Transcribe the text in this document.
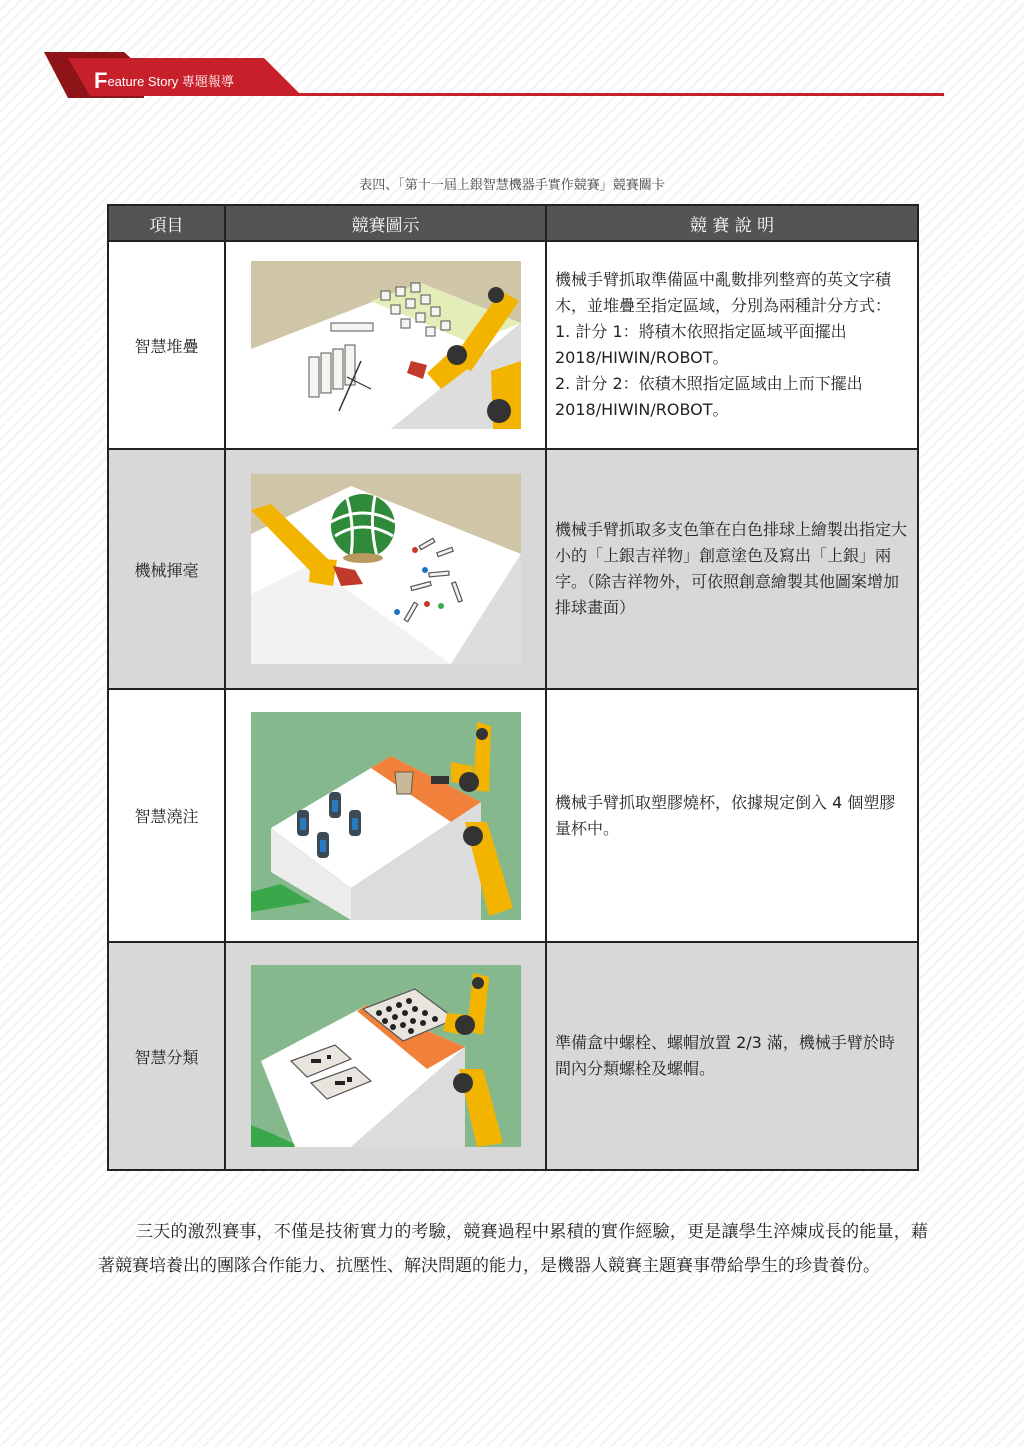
Feature Story 專題報導
表四、「第十一屆上銀智慧機器手實作競賽」競賽關卡
項目	競賽圖示	競 賽 說 明
智慧堆疊		機械手臂抓取準備區中亂數排列整齊的英文字積木，並堆疊至指定區域，分別為兩種計分方式：
1. 計分 1：將積木依照指定區域平面擺出 2018/HIWIN/ROBOT。
2. 計分 2：依積木照指定區域由上而下擺出 2018/HIWIN/ROBOT。

機械揮毫		機械手臂抓取多支色筆在白色排球上繪製出指定大小的「上銀吉祥物」創意塗色及寫出「上銀」兩字。（除吉祥物外，可依照創意繪製其他圖案增加排球畫面）

智慧澆注		機械手臂抓取塑膠燒杯，依據規定倒入 4 個塑膠量杯中。

智慧分類		準備盒中螺栓、螺帽放置 2/3 滿，機械手臂於時間內分類螺栓及螺帽。

三天的激烈賽事，不僅是技術實力的考驗，競賽過程中累積的實作經驗，更是讓學生淬煉成長的能量，藉著競賽培養出的團隊合作能力、抗壓性、解決問題的能力，是機器人競賽主題賽事帶給學生的珍貴養份。
